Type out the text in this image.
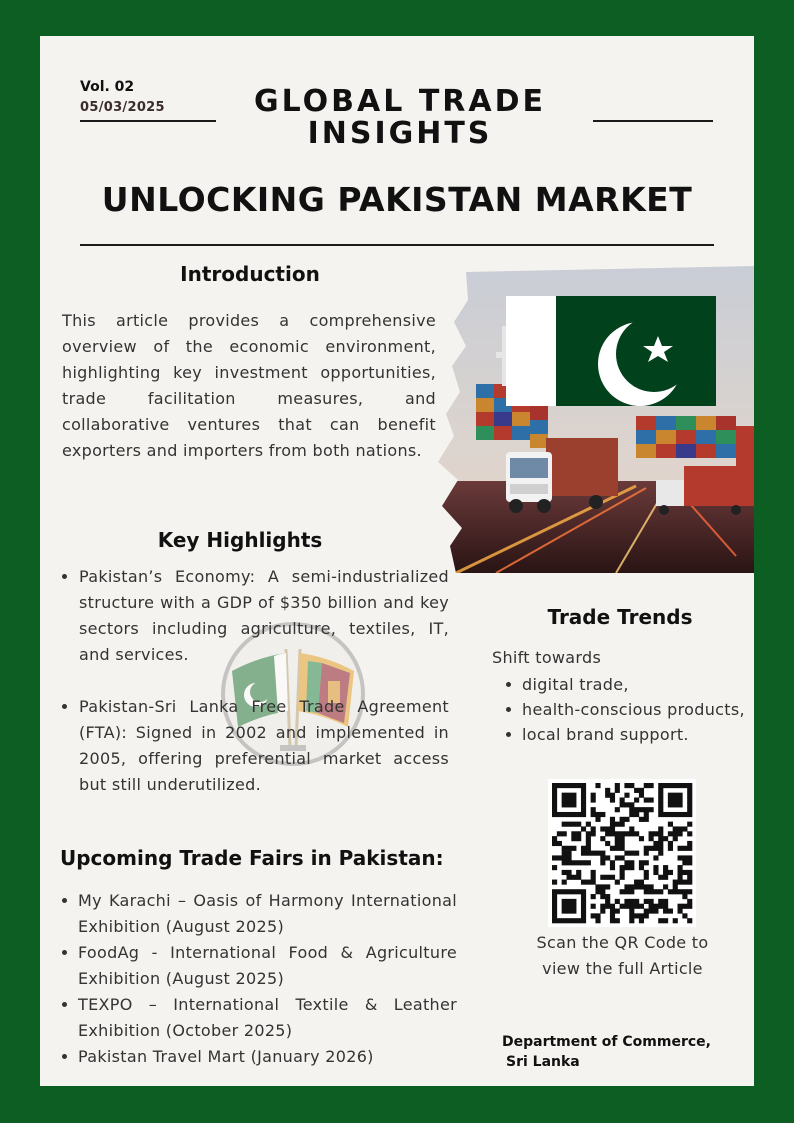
Vol. 02
05/03/2025	GLOBAL TRADE
INSIGHTS
UNLOCKING PAKISTAN MARKET
Introduction
This article provides a comprehensive overview of the economic environment, highlighting key investment opportunities, trade facilitation measures, and collaborative ventures that can benefit exporters and importers from both nations.
Key Highlights
Pakistan’s Economy: A semi-industrialized structure with a GDP of $350 billion and key sectors including agriculture, textiles, IT, and services.
Pakistan-Sri Lanka Free Trade Agreement (FTA): Signed in 2002 and implemented in 2005, offering preferential market access but still underutilized.
Upcoming Trade Fairs in Pakistan:
My Karachi – Oasis of Harmony International Exhibition (August 2025)
FoodAg - International Food & Agriculture Exhibition (August 2025)
TEXPO – International Textile & Leather Exhibition (October 2025)
Pakistan Travel Mart (January 2026)
Trade Trends
Shift towards
digital trade,
health-conscious products,
local brand support.
Scan the QR Code to
view the full Article
Department of Commerce,
Sri Lanka
